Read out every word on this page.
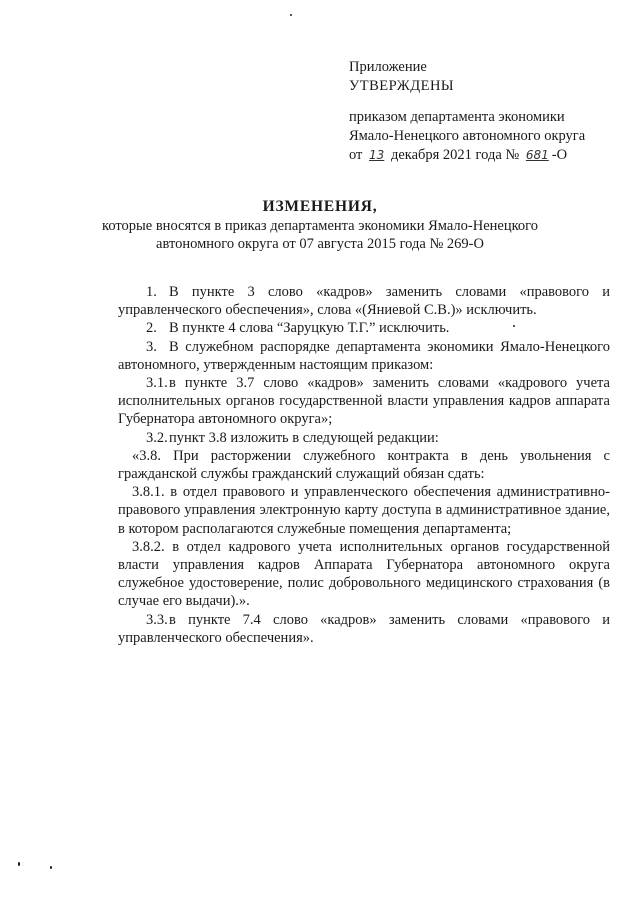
Приложение
УТВЕРЖДЕНЫ
приказом департамента экономики
Ямало-Ненецкого автономного округа
от 13 декабря 2021 года № 681 -О
ИЗМЕНЕНИЯ,
которые вносятся в приказ департамента экономики Ямало-Ненецкого автономного округа от 07 августа 2015 года № 269-О

1. В пункте 3 слово «кадров» заменить словами «правового и управленческого обеспечения», слова «(Яниевой С.В.)» исключить.

2. В пункте 4 слова “Заруцкую Т.Г.” исключить.

3. В служебном распорядке департамента экономики Ямало-Ненецкого автономного, утвержденным настоящим приказом:

3.1.в пункте 3.7 слово «кадров» заменить словами «кадрового учета исполнительных органов государственной власти управления кадров аппарата Губернатора автономного округа»;

3.2.пункт 3.8 изложить в следующей редакции:

«3.8. При расторжении служебного контракта в день увольнения с гражданской службы гражданский служащий обязан сдать:

3.8.1. в отдел правового и управленческого обеспечения административно-правового управления электронную карту доступа в административное здание, в котором располагаются служебные помещения департамента;

3.8.2. в отдел кадрового учета исполнительных органов государственной власти управления кадров Аппарата Губернатора автономного округа служебное удостоверение, полис добровольного медицинского страхования (в случае его выдачи).».

3.3.в пункте 7.4 слово «кадров» заменить словами «правового и управленческого обеспечения».
